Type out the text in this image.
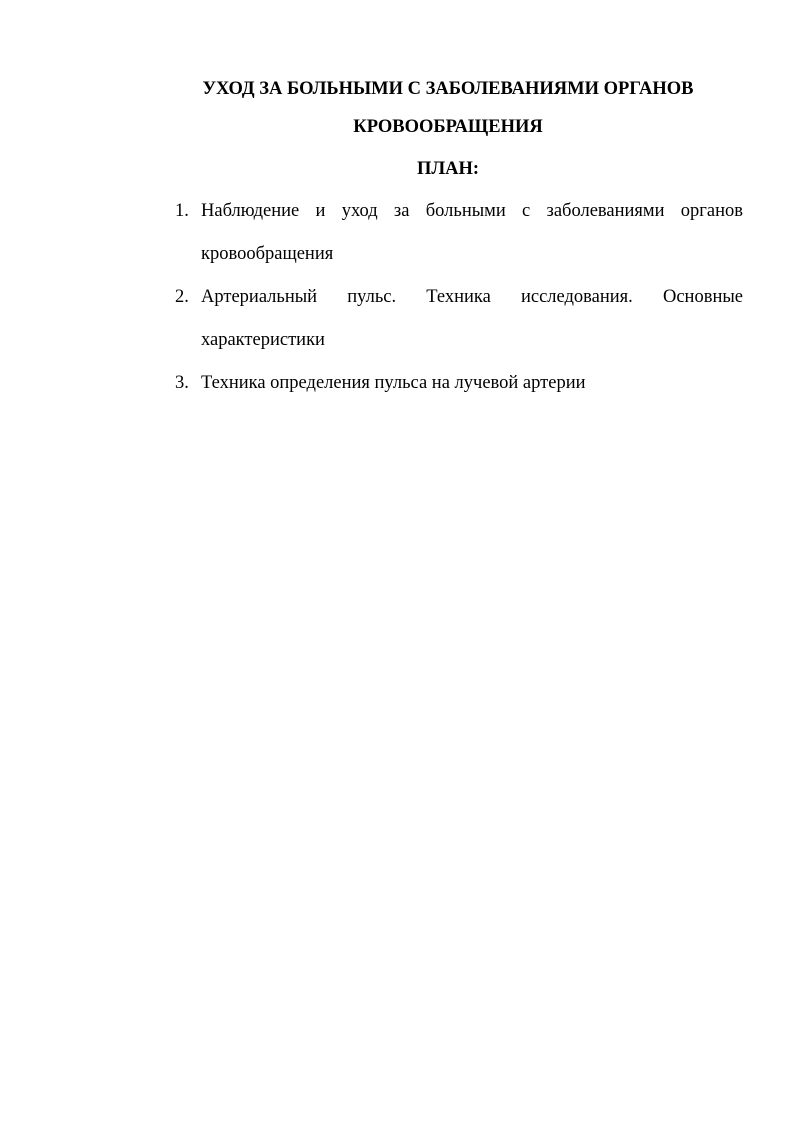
УХОД ЗА БОЛЬНЫМИ С ЗАБОЛЕВАНИЯМИ ОРГАНОВ
КРОВООБРАЩЕНИЯ
ПЛАН:
1. Наблюдение и уход за больными с заболеваниями органов кровообращения
2. Артериальный пульс. Техника исследования. Основные характеристики
3. Техника определения пульса на лучевой артерии
